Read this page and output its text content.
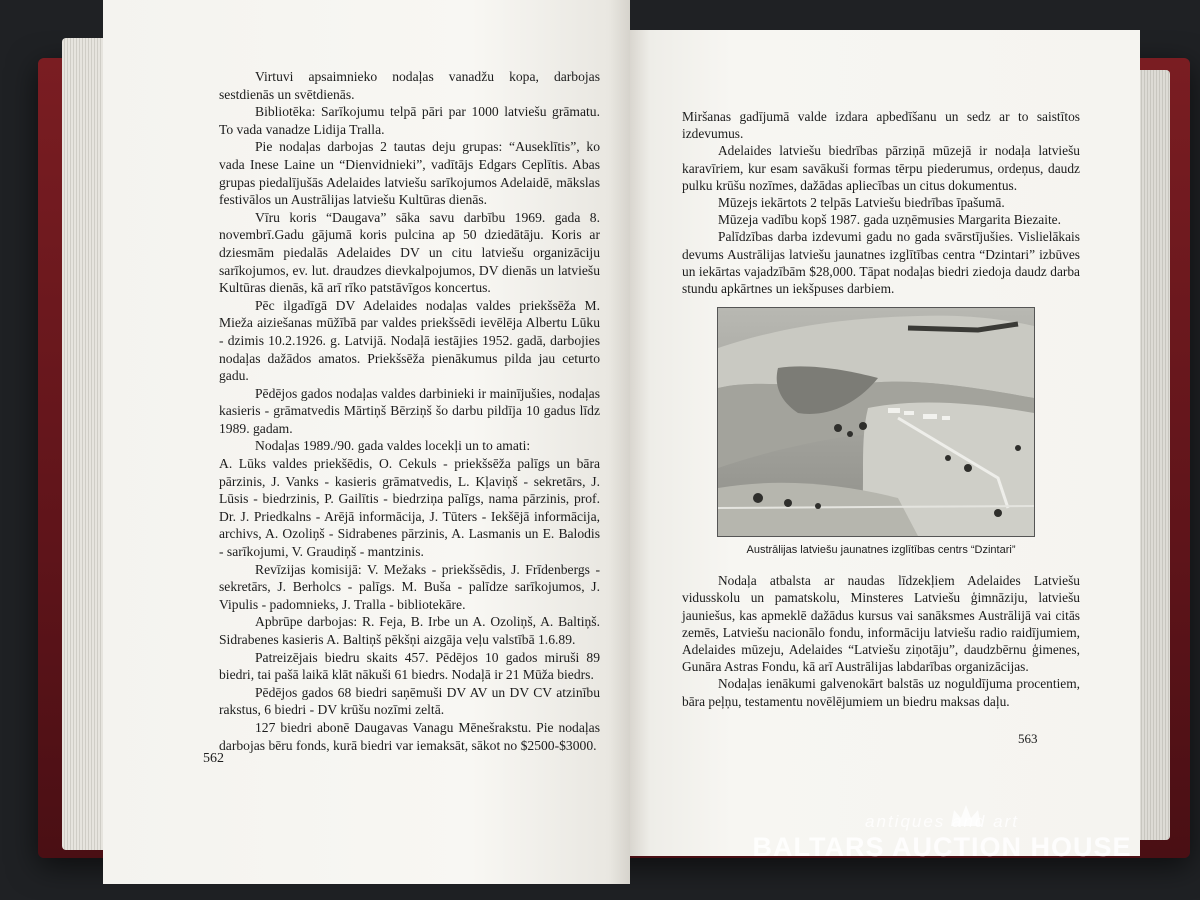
Virtuvi apsaimnieko nodaļas vanadžu kopa, darbojas sestdienās un svētdienās.

Bibliotēka: Sarīkojumu telpā pāri par 1000 latviešu grāmatu. To vada vanadze Lidija Tralla.

Pie nodaļas darbojas 2 tautas deju grupas: “Auseklītis”, ko vada Inese Laine un “Dienvidnieki”, vadītājs Edgars Ceplītis. Abas grupas piedalījušās Adelaides latviešu sarīkojumos Adelaidē, mākslas festivālos un Austrālijas latviešu Kultūras dienās.

Vīru koris “Daugava” sāka savu darbību 1969. gada 8. novembrī.Gadu gājumā koris pulcina ap 50 dziedātāju. Koris ar dziesmām piedalās Adelaides DV un citu latviešu organizāciju sarīkojumos, ev. lut. draudzes dievkalpojumos, DV dienās un latviešu Kultūras dienās, kā arī rīko patstāvīgos koncertus.

Pēc ilgadīgā DV Adelaides nodaļas valdes priekšsēža M. Mieža aiziešanas mūžībā par valdes priekšsēdi ievēlēja Albertu Lūku - dzimis 10.2.1926. g. Latvijā. Nodaļā iestājies 1952. gadā, darbojies nodaļas dažādos amatos. Priekšsēža pienākumus pilda jau ceturto gadu.

Pēdējos gados nodaļas valdes darbinieki ir mainījušies, nodaļas kasieris - grāmatvedis Mārtiņš Bērziņš šo darbu pildīja 10 gadus līdz 1989. gadam.

Nodaļas 1989./90. gada valdes locekļi un to amati:

A. Lūks valdes priekšēdis, O. Cekuls - priekšsēža palīgs un bāra pārzinis, J. Vanks - kasieris grāmatvedis, L. Kļaviņš - sekretārs, J. Lūsis - biedrzinis, P. Gailītis - biedrziņa palīgs, nama pārzinis, prof. Dr. J. Priedkalns - Arējā informācija, J. Tūters - Iekšējā informācija, archivs, A. Ozoliņš - Sidrabenes pārzinis, A. Lasmanis un E. Balodis - sarīkojumi, V. Graudiņš - mantzinis.

Revīzijas komisijā: V. Mežaks - priekšsēdis, J. Frīdenbergs - sekretārs, J. Berholcs - palīgs. M. Buša - palīdze sarīkojumos, J. Vipulis - padomnieks, J. Tralla - bibliotekāre.

Apbrūpe darbojas: R. Feja, B. Irbe un A. Ozoliņš, A. Baltiņš. Sidrabenes kasieris A. Baltiņš pēkšņi aizgāja veļu valstībā 1.6.89.

Patreizējais biedru skaits 457. Pēdējos 10 gados miruši 89 biedri, tai pašā laikā klāt nākuši 61 biedrs. Nodaļā ir 21 Mūža biedrs.

Pēdējos gados 68 biedri saņēmuši DV AV un DV CV atzinību rakstus, 6 biedri - DV krūšu nozīmi zeltā.

127 biedri abonē Daugavas Vanagu Mēnešrakstu. Pie nodaļas darbojas bēru fonds, kurā biedri var iemaksāt, sākot no $2500-$3000.

562

Miršanas gadījumā valde izdara apbedīšanu un sedz ar to saistītos izdevumus.

Adelaides latviešu biedrības pārziņā mūzejā ir nodaļa latviešu karavīriem, kur esam savākuši formas tērpu piederumus, ordeņus, daudz pulku krūšu nozīmes, dažādas apliecības un citus dokumentus.

Mūzejs iekārtots 2 telpās Latviešu biedrības īpašumā.

Mūzeja vadību kopš 1987. gada uzņēmusies Margarita Biezaite.

Palīdzības darba izdevumi gadu no gada svārstījušies. Vislielākais devums Austrālijas latviešu jaunatnes izglītības centra “Dzintari” izbūves un iekārtas vajadzībām $28,000. Tāpat nodaļas biedri ziedoja daudz darba stundu apkārtnes un iekšpuses darbiem.

Austrālijas latviešu jaunatnes izglītības centrs “Dzintari”

Nodaļa atbalsta ar naudas līdzekļiem Adelaides Latviešu vidusskolu un pamatskolu, Minsteres Latviešu ģimnāziju, latviešu jauniešus, kas apmeklē dažādus kursus vai sanāksmes Austrālijā vai citās zemēs, Latviešu nacionālo fondu, informāciju latviešu radio raidījumiem, Adelaides mūzeju, Adelaides “Latviešu ziņotāju”, daudzbērnu ģimenes, Gunāra Astras Fondu, kā arī Austrālijas labdarības organizācijas.

Nodaļas ienākumi galvenokārt balstās uz noguldījuma procentiem, bāra peļņu, testamentu novēlējumiem un biedru maksas daļu.

563
antiques and art
BALTARS AUCTION HOUSE
